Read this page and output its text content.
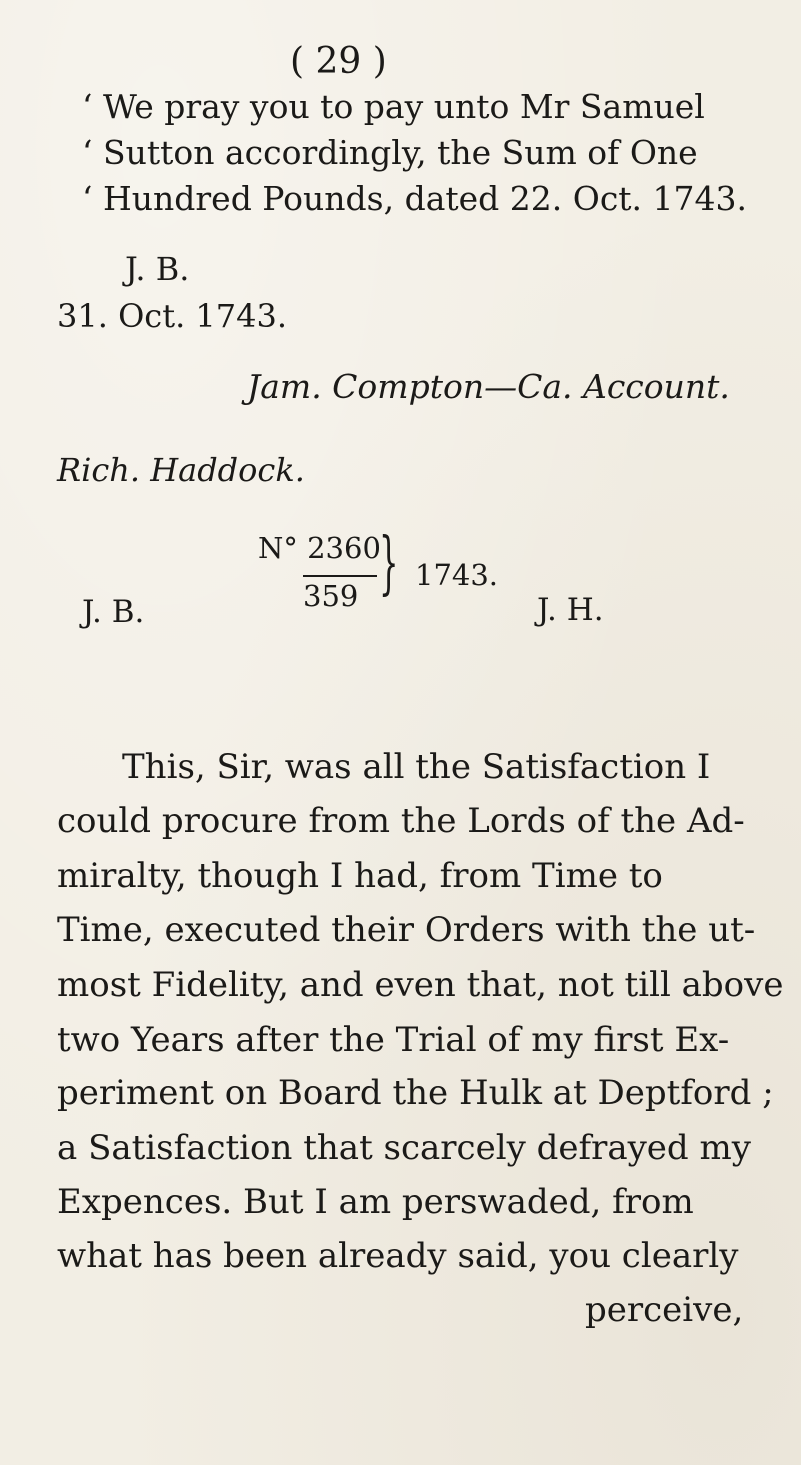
( 29 )
‘ We pray you to pay unto Mr Samuel
‘ Sutton accordingly, the Sum of One
‘ Hundred Pounds, dated 22. Oct. 1743.
J. B.
31. Oct. 1743.
Jam. Compton—Ca. Account.
Rich. Haddock.
N° 2360
359 } 1743.
J. B.	J. H.
This, Sir, was all the Satisfaction I
could procure from the Lords of the Ad-
miralty, though I had, from Time to
Time, executed their Orders with the ut-
most Fidelity, and even that, not till above
two Years after the Trial of my first Ex-
periment on Board the Hulk at Deptford ;
a Satisfaction that scarcely defrayed my
Expences. But I am perswaded, from
what has been already said, you clearly
perceive,
